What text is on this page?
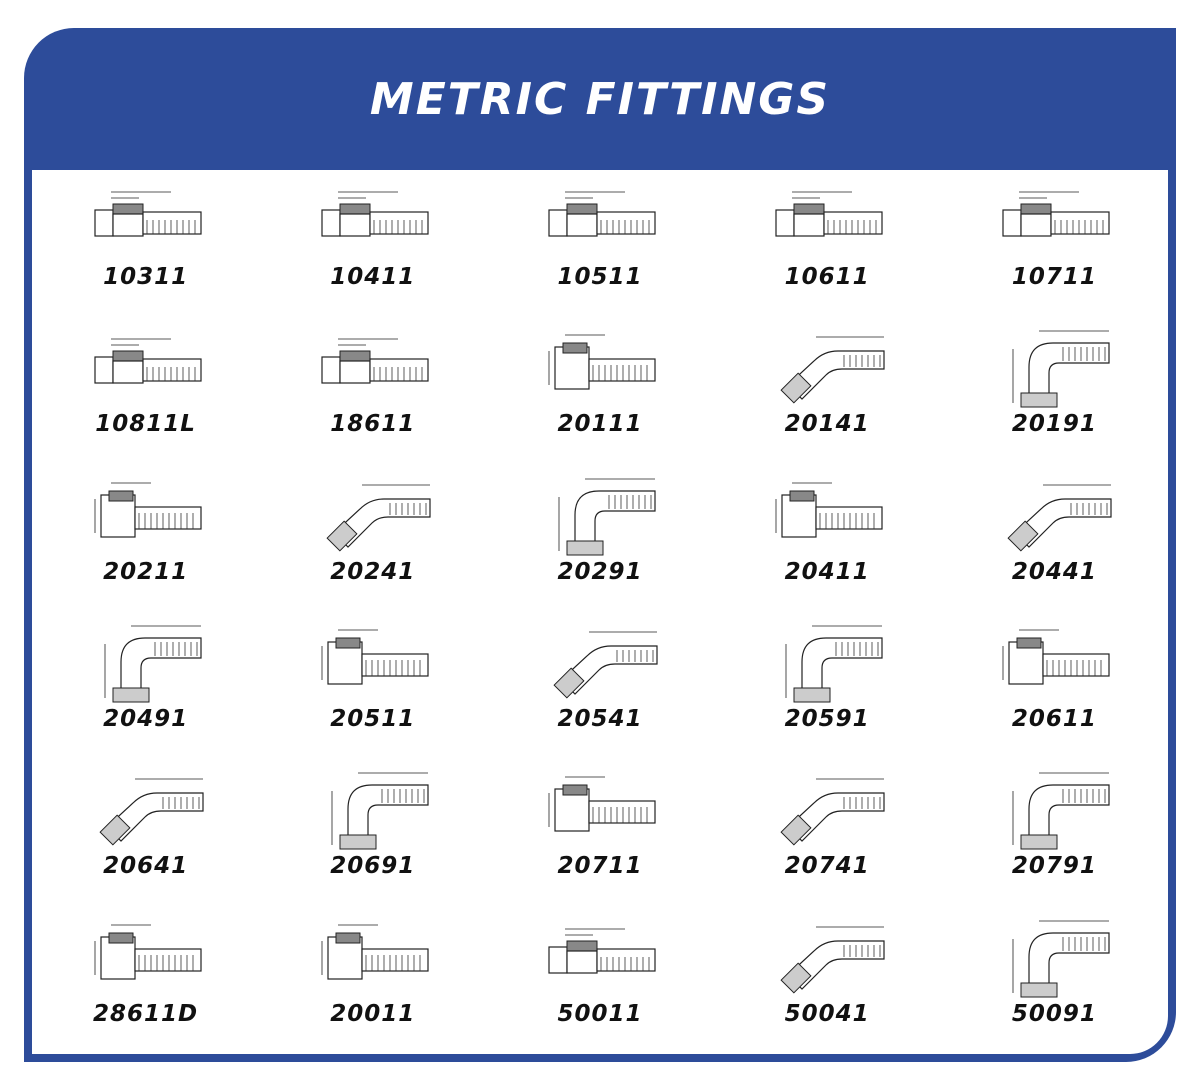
METRIC FITTINGS
10311	10411	10511	10611	10711
10811L	18611	20111	20141	20191
20211	20241	20291	20411	20441
20491	20511	20541	20591	20611
20641	20691	20711	20741	20791
28611D	20011	50011	50041	50091
